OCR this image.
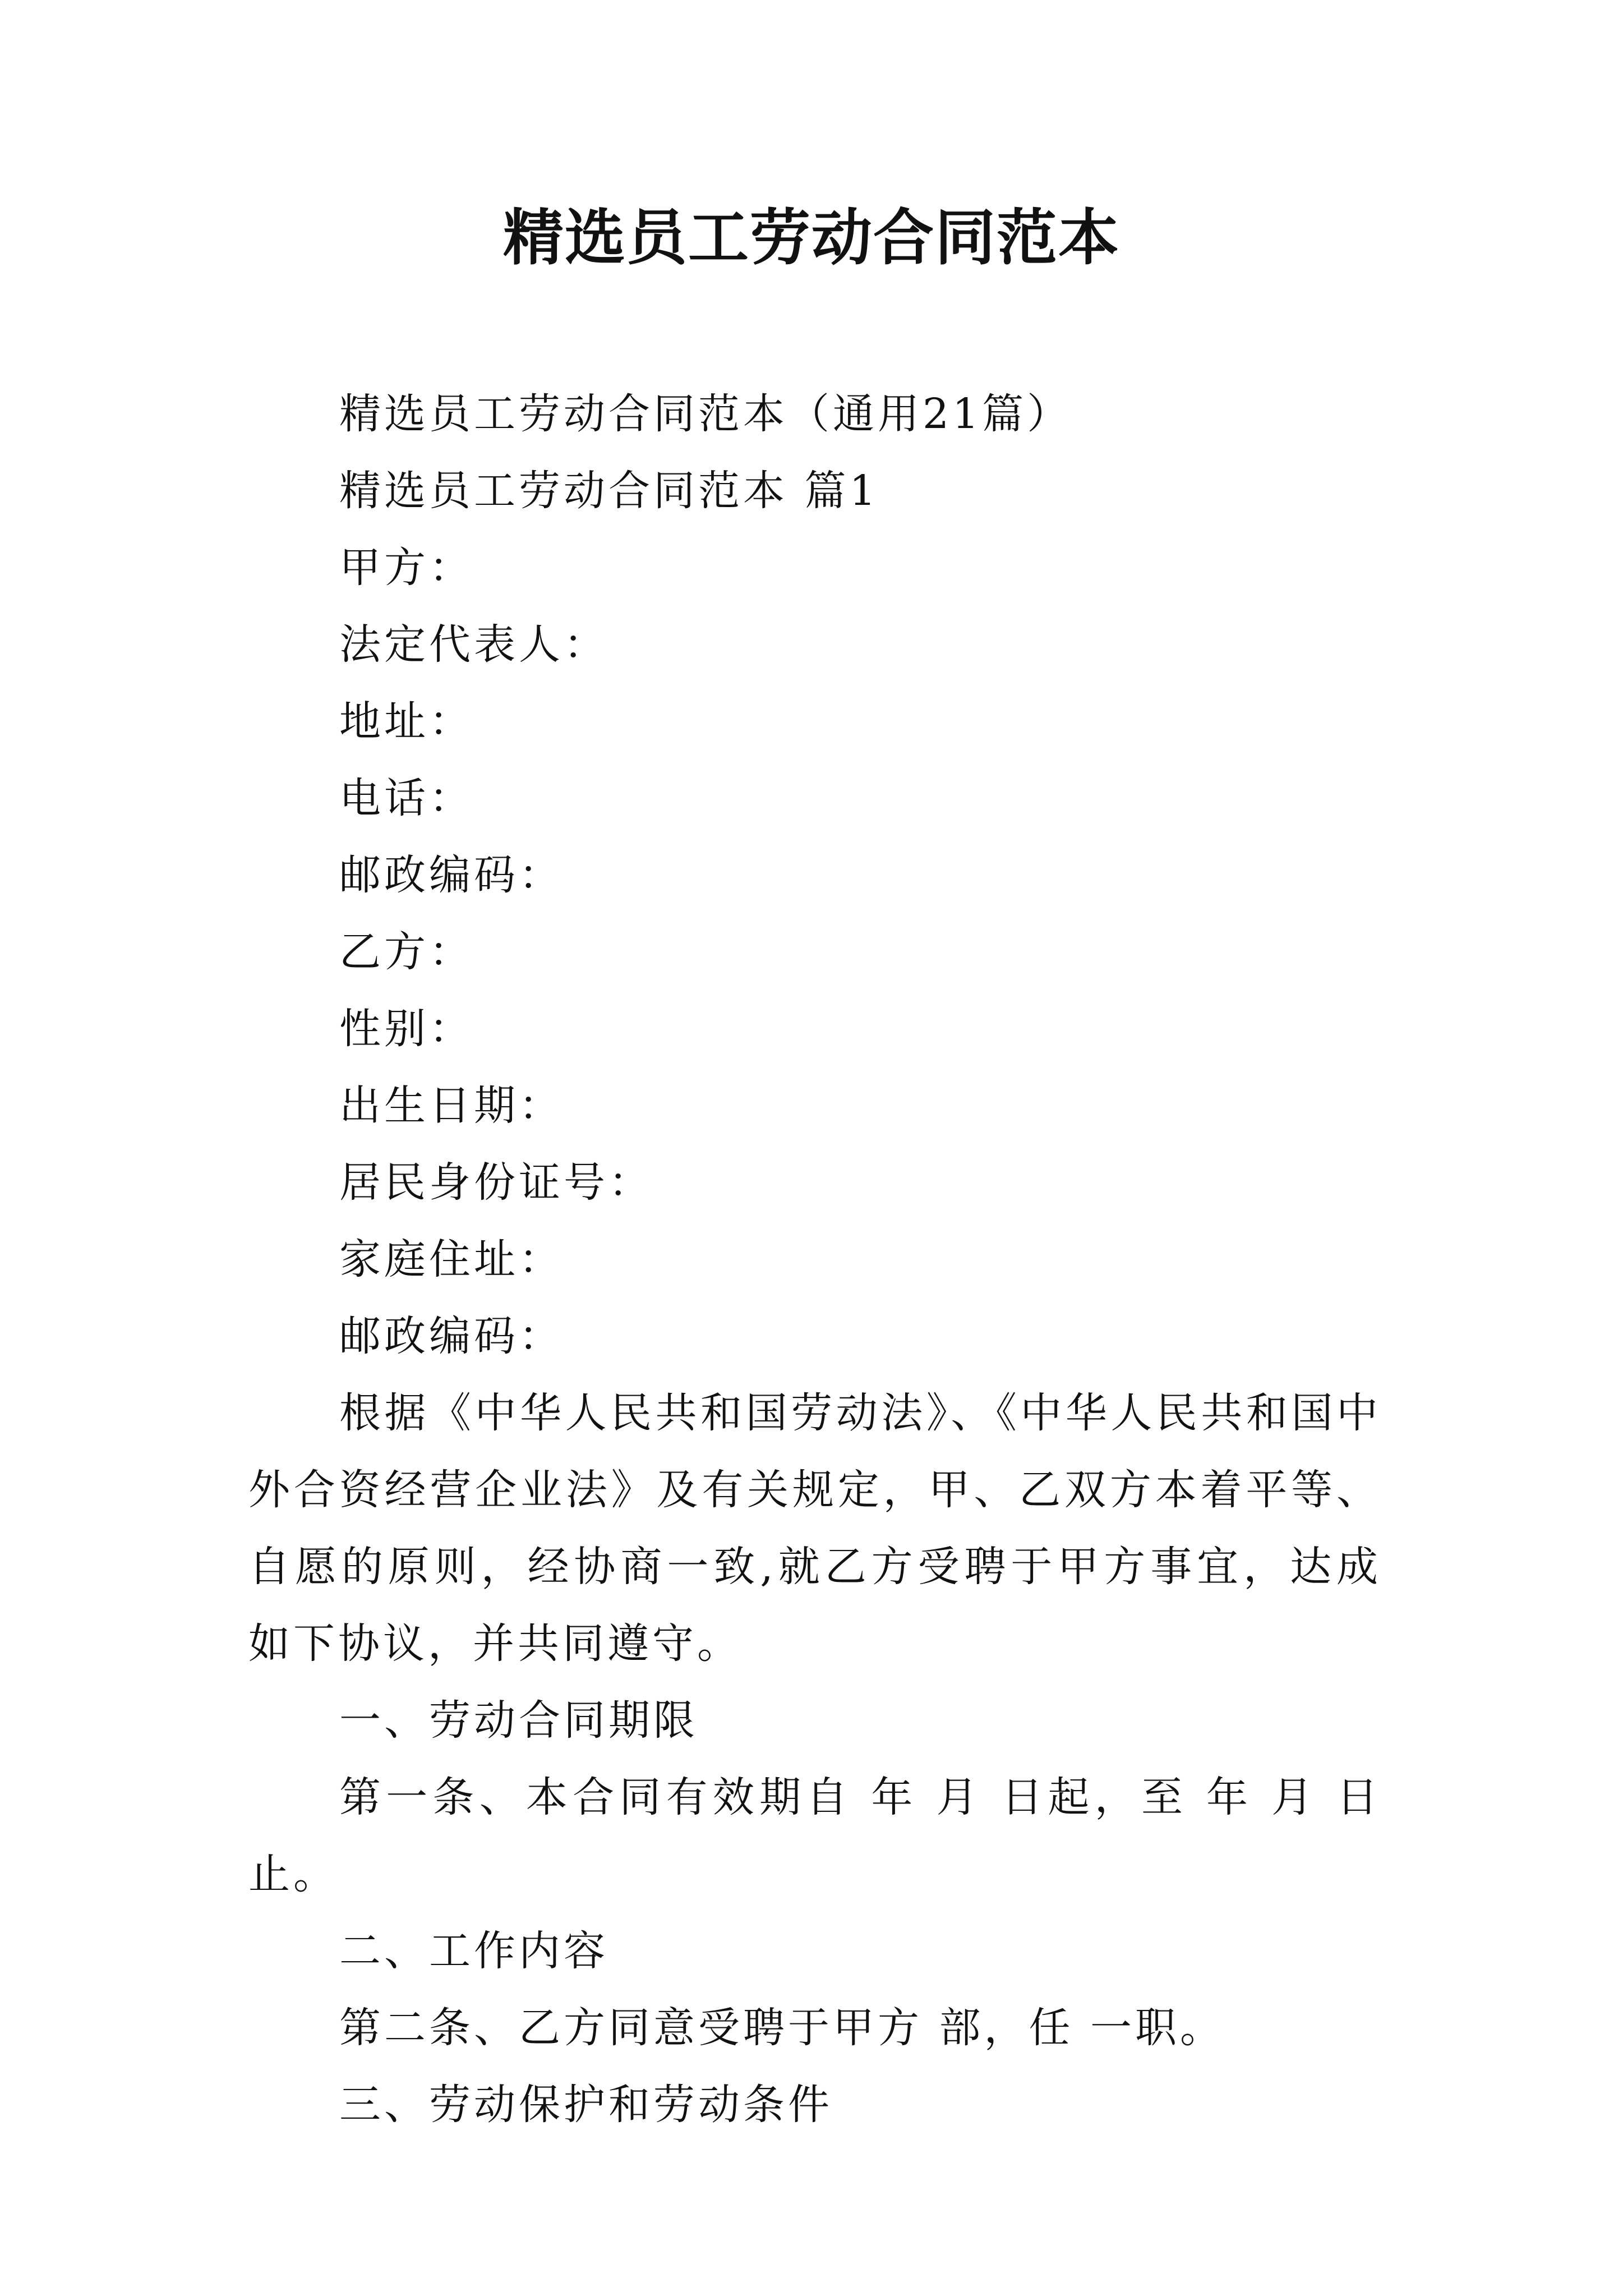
精选员工劳动合同范本

精选员工劳动合同范本（通用21篇）

精选员工劳动合同范本 篇1

甲方：

法定代表人：

地址：

电话：

邮政编码：

乙方：

性别：

出生日期：

居民身份证号：

家庭住址：

邮政编码：

根据《中华人民共和国劳动法》、《中华人民共和国中外合资经营企业法》及有关规定，甲、乙双方本着平等、自愿的原则，经协商一致,就乙方受聘于甲方事宜，达成如下协议，并共同遵守。

一、劳动合同期限

第一条、本合同有效期自 年 月 日起，至 年 月 日止。

二、工作内容

第二条、乙方同意受聘于甲方 部，任 一职。

三、劳动保护和劳动条件
